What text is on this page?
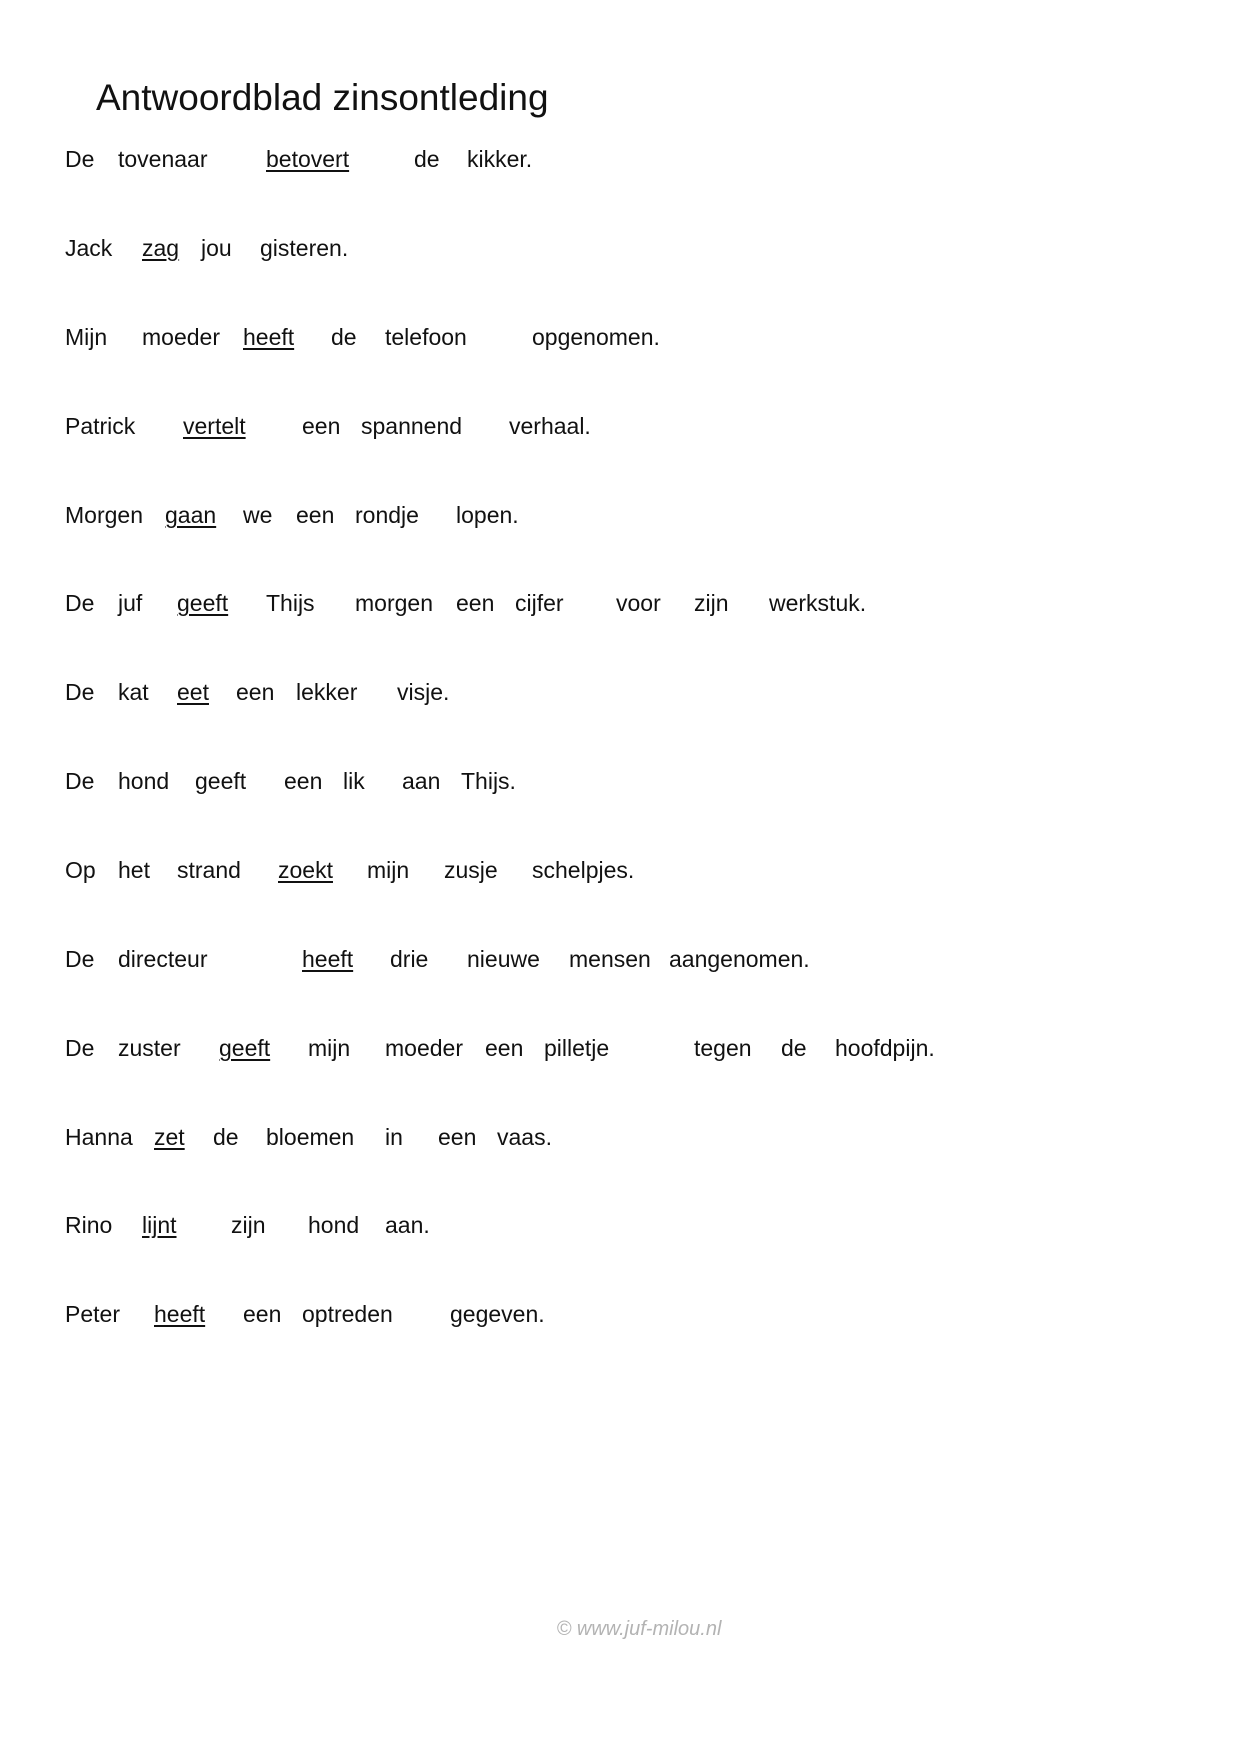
Antwoordblad zinsontleding
De tovenaar	betovert	de kikker.
Jack zag jou gisteren.
Mijn moeder heeft de telefoon	opgenomen.
Patrick vertelt een spannend verhaal.
Morgen gaan we een rondje lopen.
De juf geeft Thijs morgen een cijfer voor zijn werkstuk.
De kat eet een lekker visje.
De hond geeft een lik aan Thijs.
Op het strand zoekt mijn zusje schelpjes.
De directeur	heeft drie nieuwe mensen aangenomen.
De zuster geeft mijn moeder een pilletje	tegen de hoofdpijn.
Hanna zet de bloemen in een vaas.
Rino lijnt zijn hond aan.
Peter heeft een optreden gegeven.
© www.juf-milou.nl
